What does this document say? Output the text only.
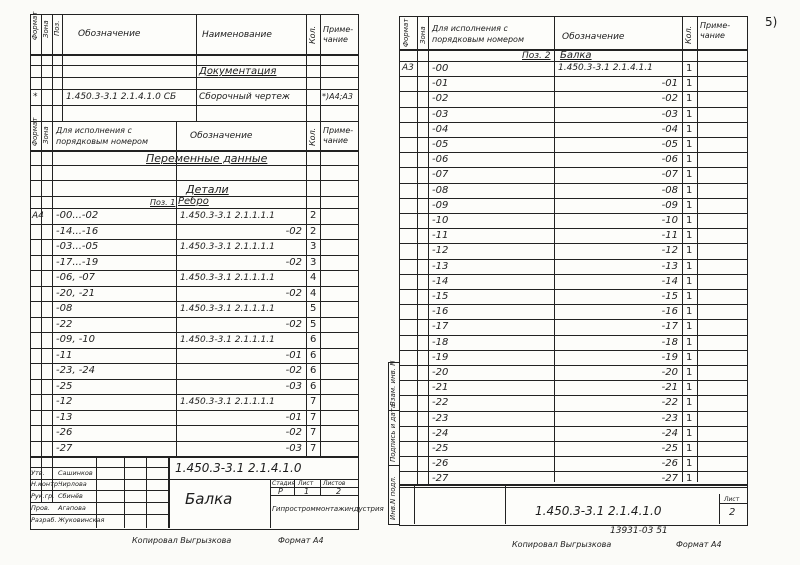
5)
Формат Зона Поз. Обозначение	Наименование	Кол. Приме-
чание
Документация
*	1.450.3-3.1 2.1.4.1.0 СБ	Сборочный чертеж	*)А4;А3
Формат Зона Для исполнения с
порядковым номером
Обозначение	Кол. Приме-
чание
Переменные данные
Детали
Поз. 1 Ребро
А4 -00...-02	1.450.3-3.1 2.1.1.1.1	2
-14...-16	-02 2
-03...-05	1.450.3-3.1 2.1.1.1.1	3
-17...-19	-02 3
-06, -07	1.450.3-3.1 2.1.1.1.1	4
-20, -21	-02 4
-08	1.450.3-3.1 2.1.1.1.1	5
-22	-02 5
-09, -10	1.450.3-3.1 2.1.1.1.1	6
-11	-01 6
-23, -24	-02 6
-25	-03 6
-12	1.450.3-3.1 2.1.1.1.1	7
-13	-01 7
-26	-02 7
-27	-03 7
1.450.3-3.1 2.1.4.1.0
Балка
Стадия Лист Листов
Р	1	2
Гипростроммонтажиндустрия
Утв. Сашинков
Н.контр.
Чирлова
Рук.гр. Сбинёв
Пров. Агапова
Разраб. Жуковинская
Копировал Выгрызкова	Формат А4
Формат Зона Для исполнения с
порядковым номером	Обозначение	Кол.
Приме-
чание
Поз. 2 Балка
А3 -00	1.450.3-3.1 2.1.4.1.1	1
-01	-01 1
-02	-02 1
-03	-03 1
-04	-04 1
-05	-05 1
-06	-06 1
-07	-07 1
-08	-08 1
-09	-09 1
-10	-10 1
-11	-11 1
-12	-12 1
-13	-13 1
-14	-14 1
-15	-15 1
-16	-16 1
-17	-17 1
-18	-18 1
-19	-19 1
-20	-20 1
-21	-21 1
-22	-22 1
-23	-23 1
-24	-24 1
-25	-25 1
-26	-26 1
-27	-27 1
Взам. инв. N
Подпись и дата
Инв.N подл.	1.450.3-3.1 2.1.4.1.0
Лист
2
13931-03 51
Копировал Выгрызкова	Формат А4
